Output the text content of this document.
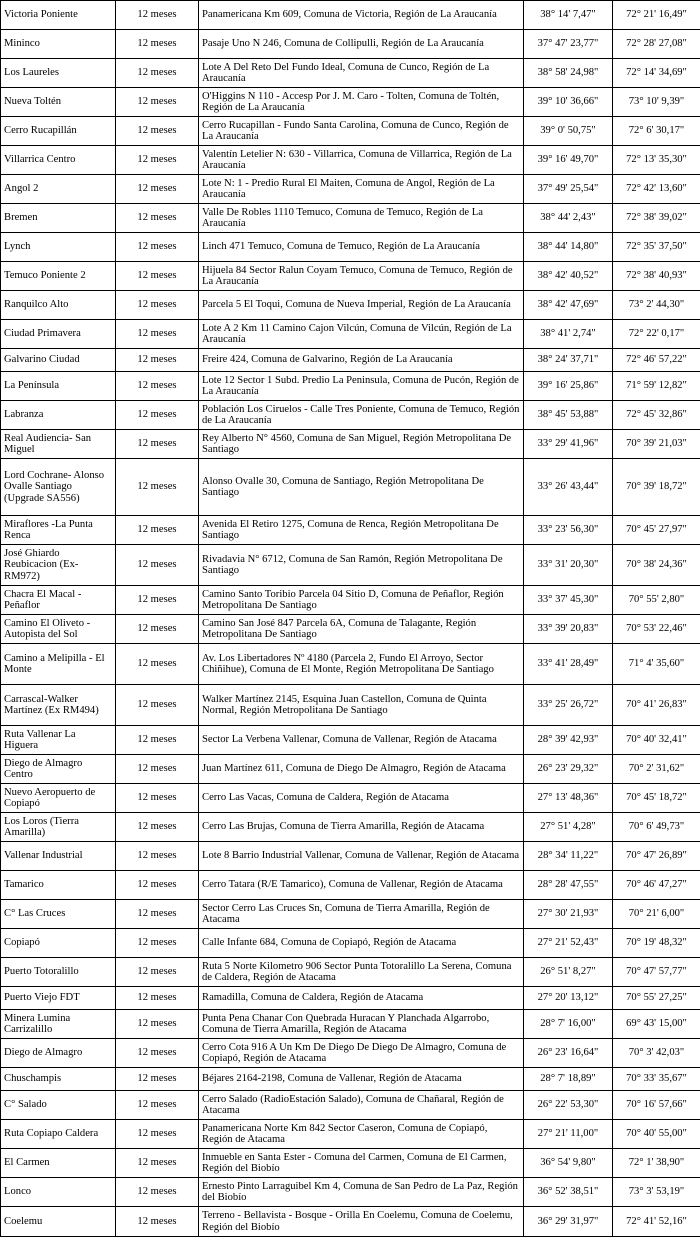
Victoria Poniente	12 meses	Panamericana Km 609, Comuna de Victoria, Región de La Araucanía	38° 14' 7,47"	72° 21' 16,49"
Mininco	12 meses	Pasaje Uno N 246, Comuna de Collipulli, Región de La Araucanía	37° 47' 23,77"	72° 28' 27,08"
Los Laureles	12 meses	Lote A Del Reto Del Fundo Ideal, Comuna de Cunco, Región de La Araucanía	38° 58' 24,98"	72° 14' 34,69"
Nueva Toltén	12 meses	O'Higgins N 110 - Accesp Por J. M. Caro - Tolten, Comuna de Toltén, Región de La Araucanía	39° 10' 36,66"	73° 10' 9,39"
Cerro Rucapillán	12 meses	Cerro Rucapillan - Fundo Santa Carolina, Comuna de Cunco, Región de La Araucanía	39° 0' 50,75"	72° 6' 30,17"
Villarrica Centro	12 meses	Valentín Letelier N: 630 - Villarrica, Comuna de Villarrica, Región de La Araucanía	39° 16' 49,70"	72° 13' 35,30"
Angol 2	12 meses	Lote N: 1 - Predio Rural El Maiten, Comuna de Angol, Región de La Araucanía	37° 49' 25,54"	72° 42' 13,60"
Bremen	12 meses	Valle De Robles 1110 Temuco, Comuna de Temuco, Región de La Araucanía	38° 44' 2,43"	72° 38' 39,02"
Lynch	12 meses	Linch 471 Temuco, Comuna de Temuco, Región de La Araucanía	38° 44' 14,80"	72° 35' 37,50"
Temuco Poniente 2	12 meses	Hijuela 84 Sector Ralun Coyam Temuco, Comuna de Temuco, Región de La Araucanía	38° 42' 40,52"	72° 38' 40,93"
Ranquilco Alto	12 meses	Parcela 5 El Toqui, Comuna de Nueva Imperial, Región de La Araucanía	38° 42' 47,69"	73° 2' 44,30"
Ciudad Primavera	12 meses	Lote A 2 Km 11 Camino Cajon Vilcún, Comuna de Vilcún, Región de La Araucanía	38° 41' 2,74"	72° 22' 0,17"
Galvarino Ciudad	12 meses	Freire 424, Comuna de Galvarino, Región de La Araucanía	38° 24' 37,71"	72° 46' 57,22"
La Península	12 meses	Lote 12 Sector 1 Subd. Predio La Peninsula, Comuna de Pucón, Región de La Araucanía	39° 16' 25,86"	71° 59' 12,82"
Labranza	12 meses	Población Los Ciruelos - Calle Tres Poniente, Comuna de Temuco, Región de La Araucanía	38° 45' 53,88"	72° 45' 32,86"
Real Audiencia- San Miguel	12 meses	Rey Alberto N° 4560, Comuna de San Miguel, Región Metropolitana De Santiago	33° 29' 41,96"	70° 39' 21,03"
Lord Cochrane- Alonso Ovalle Santiago (Upgrade SA556)	12 meses	Alonso Ovalle 30, Comuna de Santiago, Región Metropolitana De Santiago	33° 26' 43,44"	70° 39' 18,72"
Miraflores -La Punta Renca	12 meses	Avenida El Retiro 1275, Comuna de Renca, Región Metropolitana De Santiago	33° 23' 56,30"	70° 45' 27,97"
José Ghiardo Reubicacion (Ex- RM972)	12 meses	Rivadavia N° 6712, Comuna de San Ramón, Región Metropolitana De Santiago	33° 31' 20,30"	70° 38' 24,36"
Chacra El Macal - Peñaflor	12 meses	Camino Santo Toribio Parcela 04 Sitio D, Comuna de Peñaflor, Región Metropolitana De Santiago	33° 37' 45,30"	70° 55' 2,80"
Camino El Oliveto - Autopista del Sol	12 meses	Camino San José 847 Parcela 6A, Comuna de Talagante, Región Metropolitana De Santiago	33° 39' 20,83"	70° 53' 22,46"
Camino a Melipilla - El Monte	12 meses	Av. Los Libertadores Nº 4180 (Parcela 2, Fundo El Arroyo, Sector Chiñihue), Comuna de El Monte, Región Metropolitana De Santiago	33° 41' 28,49"	71° 4' 35,60"
Carrascal-Walker Martínez (Ex RM494)	12 meses	Walker Martínez 2145, Esquina Juan Castellon, Comuna de Quinta Normal, Región Metropolitana De Santiago	33° 25' 26,72"	70° 41' 26,83"
Ruta Vallenar La Higuera	12 meses	Sector La Verbena Vallenar, Comuna de Vallenar, Región de Atacama	28° 39' 42,93"	70° 40' 32,41"
Diego de Almagro Centro	12 meses	Juan Martínez 611, Comuna de Diego De Almagro, Región de Atacama	26° 23' 29,32"	70° 2' 31,62"
Nuevo Aeropuerto de Copiapó	12 meses	Cerro Las Vacas, Comuna de Caldera, Región de Atacama	27° 13' 48,36"	70° 45' 18,72"
Los Loros (Tierra Amarilla)	12 meses	Cerro Las Brujas, Comuna de Tierra Amarilla, Región de Atacama	27° 51' 4,28"	70° 6' 49,73"
Vallenar Industrial	12 meses	Lote 8 Barrio Industrial Vallenar, Comuna de Vallenar, Región de Atacama	28° 34' 11,22"	70° 47' 26,89"
Tamarico	12 meses	Cerro Tatara (R/E Tamarico), Comuna de Vallenar, Región de Atacama	28° 28' 47,55"	70° 46' 47,27"
C° Las Cruces	12 meses	Sector Cerro Las Cruces Sn, Comuna de Tierra Amarilla, Región de Atacama	27° 30' 21,93"	70° 21' 6,00"
Copiapó	12 meses	Calle Infante 684, Comuna de Copiapó, Región de Atacama	27° 21' 52,43"	70° 19' 48,32"
Puerto Totoralillo	12 meses	Ruta 5 Norte Kilometro 906 Sector Punta Totoralillo La Serena, Comuna de Caldera, Región de Atacama	26° 51' 8,27"	70° 47' 57,77"
Puerto Viejo FDT	12 meses	Ramadilla, Comuna de Caldera, Región de Atacama	27° 20' 13,12"	70° 55' 27,25"
Minera Lumina Carrizalillo	12 meses	Punta Pena Chanar Con Quebrada Huracan Y Planchada Algarrobo, Comuna de Tierra Amarilla, Región de Atacama	28° 7' 16,00"	69° 43' 15,00"
Diego de Almagro	12 meses	Cerro Cota 916 A Un Km De Diego De Diego De Almagro, Comuna de Copiapó, Región de Atacama	26° 23' 16,64"	70° 3' 42,03"
Chuschampis	12 meses	Béjares 2164-2198, Comuna de Vallenar, Región de Atacama	28° 7' 18,89"	70° 33' 35,67"
C° Salado	12 meses	Cerro Salado (RadioEstación Salado), Comuna de Chañaral, Región de Atacama	26° 22' 53,30"	70° 16' 57,66"
Ruta Copiapo Caldera	12 meses	Panamericana Norte Km 842 Sector Caseron, Comuna de Copiapó, Región de Atacama	27° 21' 11,00"	70° 40' 55,00"
El Carmen	12 meses	Inmueble en Santa Ester - Comuna del Carmen, Comuna de El Carmen, Región del Biobío	36° 54' 9,80"	72° 1' 38,90"
Lonco	12 meses	Ernesto Pinto Larraguibel Km 4, Comuna de San Pedro de La Paz, Región del Biobío	36° 52' 38,51"	73° 3' 53,19"
Coelemu	12 meses	Terreno - Bellavista - Bosque - Orilla En Coelemu, Comuna de Coelemu, Región del Biobío	36° 29' 31,97"	72° 41' 52,16"
